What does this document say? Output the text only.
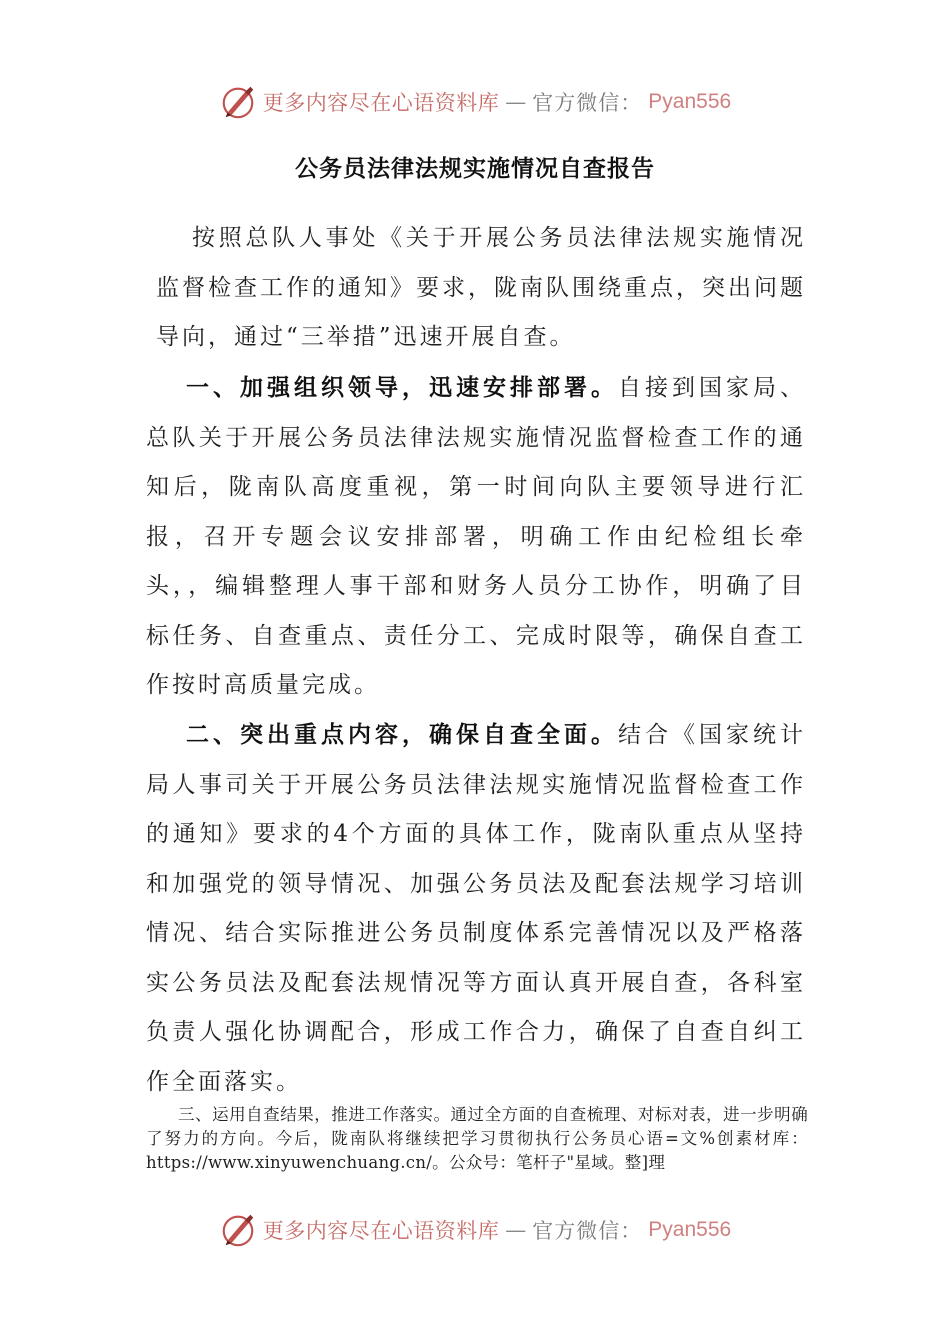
更多内容尽在心语资料库 — 官方微信： Pyan556
公务员法律法规实施情况自查报告

按照总队人事处《关于开展公务员法律法规实施情况监督检查工作的通知》要求，陇南队围绕重点，突出问题导向，通过“三举措”迅速开展自查。

一、加强组织领导，迅速安排部署。自接到国家局、总队关于开展公务员法律法规实施情况监督检查工作的通知后，陇南队高度重视，第一时间向队主要领导进行汇报，召开专题会议安排部署，明确工作由纪检组长牵头，，编辑整理人事干部和财务人员分工协作，明确了目标任务、自查重点、责任分工、完成时限等，确保自查工作按时高质量完成。

二、突出重点内容，确保自查全面。结合《国家统计局人事司关于开展公务员法律法规实施情况监督检查工作的通知》要求的4个方面的具体工作，陇南队重点从坚持和加强党的领导情况、加强公务员法及配套法规学习培训情况、结合实际推进公务员制度体系完善情况以及严格落实公务员法及配套法规情况等方面认真开展自查，各科室负责人强化协调配合，形成工作合力，确保了自查自纠工作全面落实。

三、运用自查结果，推进工作落实。通过全方面的自查梳理、对标对表，进一步明确了努力的方向。今后，陇南队将继续把学习贯彻执行公务员心语=文%创素材库：https://www.xinyuwenchuang.cn/。公众号：笔杆子"星域。整]理

更多内容尽在心语资料库 — 官方微信： Pyan556
